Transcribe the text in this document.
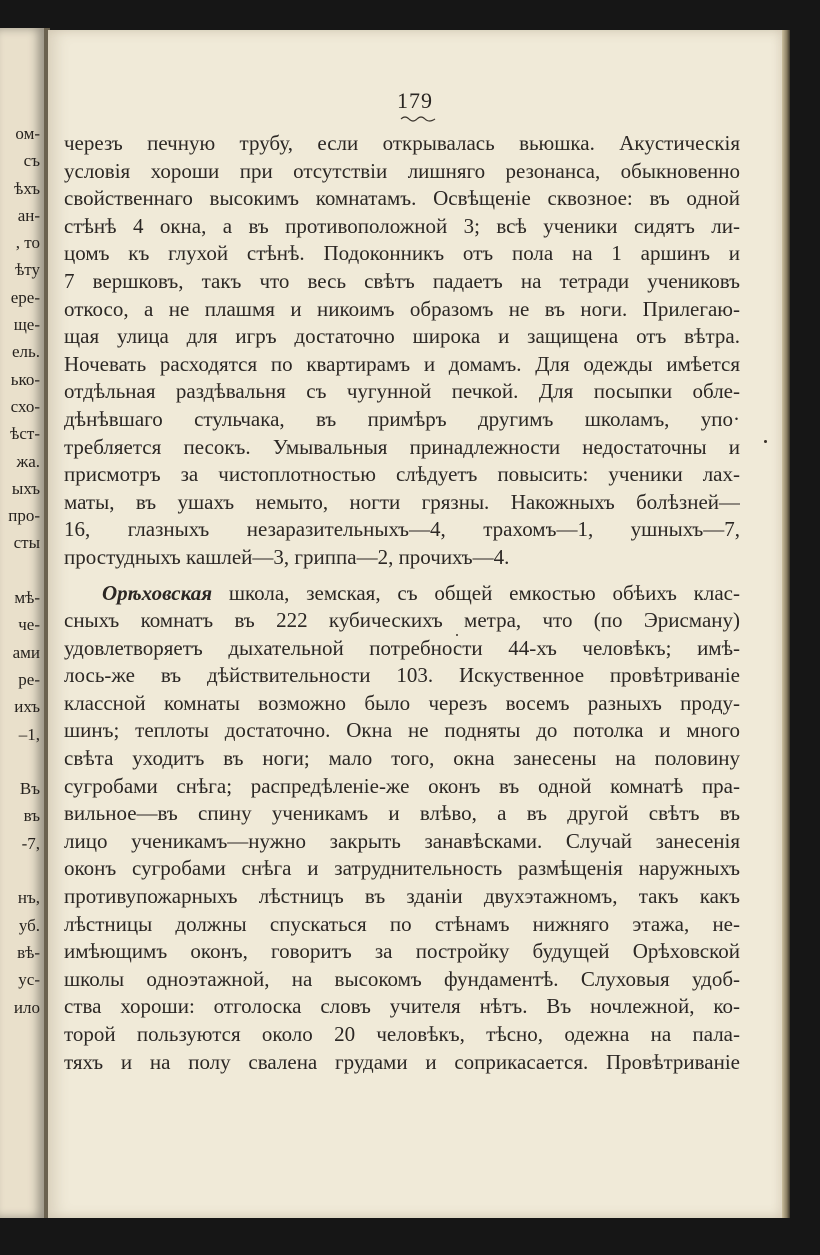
ом-
съ
ѣхъ
ан-
, то
ѣту
ере-
ще-
ель.
ько-
схо-
ѣст-
жа.
ыхъ
про-
сты
мѣ-
че-
ами
ре-
ихъ
–1,
Въ
въ
-7,
нъ,
уб.
вѣ-
ус-
ило
179
черезъ печную трубу, если открывалась вьюшка. Акустическія
условія хороши при отсутствіи лишняго резонанса, обыкновенно
свойственнаго высокимъ комнатамъ. Освѣщеніе сквозное: въ одной
стѣнѣ 4 окна, а въ противоположной 3; всѣ ученики сидятъ ли-
цомъ къ глухой стѣнѣ. Подоконникъ отъ пола на 1 аршинъ и
7 вершковъ, такъ что весь свѣтъ падаетъ на тетради учениковъ
откосо, а не плашмя и никоимъ образомъ не въ ноги. Прилегаю-
щая улица для игръ достаточно широка и защищена отъ вѣтра.
Ночевать расходятся по квартирамъ и домамъ. Для одежды имѣется
отдѣльная раздѣвальня съ чугунной печкой. Для посыпки обле-
дѣнѣвшаго стульчака, въ примѣръ другимъ школамъ, упо·
требляется песокъ. Умывальныя принадлежности недостаточны и
присмотръ за чистоплотностью слѣдуетъ повысить: ученики лах-
маты, въ ушахъ немыто, ногти грязны. Накожныхъ болѣзней—
16, глазныхъ незаразительныхъ—4, трахомъ—1, ушныхъ—7,
простудныхъ кашлей—3, гриппа—2, прочихъ—4.
Орѣховская школа, земская, съ общей емкостью обѣихъ клас-
сныхъ комнатъ въ 222 кубическихъ метра, что (по Эрисману)
удовлетворяетъ дыхательной потребности 44-хъ человѣкъ; имѣ-
лось-же въ дѣйствительности 103. Искуственное провѣтриваніе
классной комнаты возможно было черезъ восемъ разныхъ проду-
шинъ; теплоты достаточно. Окна не подняты до потолка и много
свѣта уходитъ въ ноги; мало того, окна занесены на половину
сугробами снѣга; распредѣленіе-же оконъ въ одной комнатѣ пра-
вильное—въ спину ученикамъ и влѣво, а въ другой свѣтъ въ
лицо ученикамъ—нужно закрыть занавѣсками. Случай занесенія
оконъ сугробами снѣга и затруднительность размѣщенія наружныхъ
противупожарныхъ лѣстницъ въ зданіи двухэтажномъ, такъ какъ
лѣстницы должны спускаться по стѣнамъ нижняго этажа, не-
имѣющимъ оконъ, говоритъ за постройку будущей Орѣховской
школы одноэтажной, на высокомъ фундаментѣ. Слуховыя удоб-
ства хороши: отголоска словъ учителя нѣтъ. Въ ночлежной, ко-
торой пользуются около 20 человѣкъ, тѣсно, одежна на пала-
тяхъ и на полу свалена грудами и соприкасается. Провѣтриваніе
